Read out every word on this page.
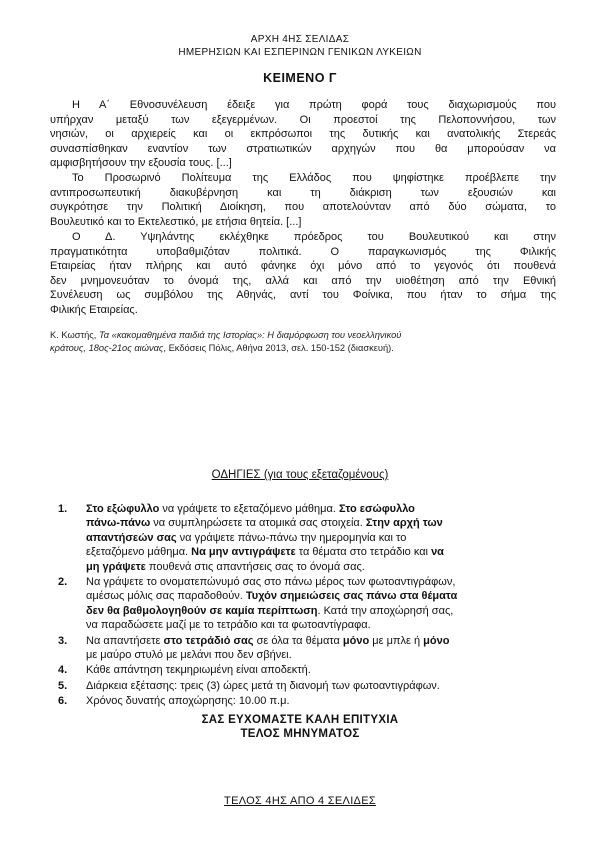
ΑΡΧΗ 4ΗΣ ΣΕΛΙΔΑΣ
ΗΜΕΡΗΣΙΩΝ ΚΑΙ ΕΣΠΕΡΙΝΩΝ ΓΕΝΙΚΩΝ ΛΥΚΕΙΩΝ
ΚΕΙΜΕΝΟ Γ
Η Α΄ Εθνοσυνέλευση έδειξε για πρώτη φορά τους διαχωρισμούς που
υπήρχαν μεταξύ των εξεγερμένων. Οι προεστοί της Πελοποννήσου, των
νησιών, οι αρχιερείς και οι εκπρόσωποι της δυτικής και ανατολικής Στερεάς
συνασπίσθηκαν εναντίον των στρατιωτικών αρχηγών που θα μπορούσαν να
αμφισβητήσουν την εξουσία τους. [...]
Το Προσωρινό Πολίτευμα της Ελλάδος που ψηφίστηκε προέβλεπε την
αντιπροσωπευτική διακυβέρνηση και τη διάκριση των εξουσιών και
συγκρότησε την Πολιτική Διοίκηση, που αποτελούνταν από δύο σώματα, το
Βουλευτικό και το Εκτελεστικό, με ετήσια θητεία. [...]
Ο Δ. Υψηλάντης εκλέχθηκε πρόεδρος του Βουλευτικού και στην
πραγματικότητα υποβαθμιζόταν πολιτικά. Ο παραγκωνισμός της Φιλικής
Εταιρείας ήταν πλήρης και αυτό φάνηκε όχι μόνο από το γεγονός ότι πουθενά
δεν μνημονευόταν το όνομά της, αλλά και από την υιοθέτηση από την Εθνική
Συνέλευση ως συμβόλου της Αθηνάς, αντί του Φοίνικα, που ήταν το σήμα της
Φιλικής Εταιρείας.
Κ. Κωστής, Τα «κακομαθημένα παιδιά της Ιστορίας»: Η διαμόρφωση του νεοελληνικού
κράτους, 18ος-21ος αιώνας, Εκδόσεις Πόλις, Αθήνα 2013, σελ. 150-152 (διασκευή).
ΟΔΗΓΙΕΣ (για τους εξεταζομένους)
1. Στο εξώφυλλο να γράψετε το εξεταζόμενο μάθημα. Στο εσώφυλλο
πάνω-πάνω να συμπληρώσετε τα ατομικά σας στοιχεία. Στην αρχή των
απαντήσεών σας να γράψετε πάνω-πάνω την ημερομηνία και το
εξεταζόμενο μάθημα. Να μην αντιγράψετε τα θέματα στο τετράδιο και να
μη γράψετε πουθενά στις απαντήσεις σας το όνομά σας.
2. Να γράψετε το ονοματεπώνυμό σας στο πάνω μέρος των φωτοαντιγράφων,
αμέσως μόλις σας παραδοθούν. Τυχόν σημειώσεις σας πάνω στα θέματα
δεν θα βαθμολογηθούν σε καμία περίπτωση. Κατά την αποχώρησή σας,
να παραδώσετε μαζί με το τετράδιο και τα φωτοαντίγραφα.
3. Να απαντήσετε στο τετράδιό σας σε όλα τα θέματα μόνο με μπλε ή μόνο
με μαύρο στυλό με μελάνι που δεν σβήνει.
4. Κάθε απάντηση τεκμηριωμένη είναι αποδεκτή.
5. Διάρκεια εξέτασης: τρεις (3) ώρες μετά τη διανομή των φωτοαντιγράφων.
6. Χρόνος δυνατής αποχώρησης: 10.00 π.μ.
ΣΑΣ ΕΥΧΟΜΑΣΤΕ ΚΑΛΗ ΕΠΙΤΥΧΙΑ
ΤΕΛΟΣ ΜΗΝΥΜΑΤΟΣ
ΤΕΛΟΣ 4ΗΣ ΑΠΟ 4 ΣΕΛΙΔΕΣ
